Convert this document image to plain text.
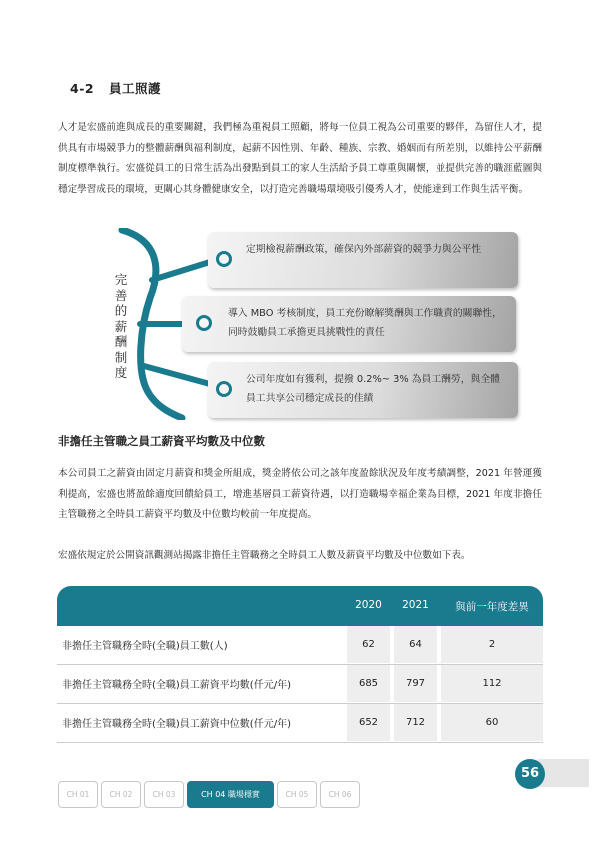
4-2 員工照護

人才是宏盛前進與成長的重要關鍵，我們極為重視員工照顧，將每一位員工視為公司重要的夥伴，為留住人才，提供具有市場競爭力的整體薪酬與福利制度，起薪不因性別、年齡、種族、宗教、婚姻而有所差別，以維持公平薪酬制度標準執行。宏盛從員工的日常生活為出發點到員工的家人生活給予員工尊重與關懷，並提供完善的職涯藍圖與穩定學習成長的環境，更關心其身體健康安全，以打造完善職場環境吸引優秀人才，使能達到工作與生活平衡。

完
善
的
薪
酬
制
度
定期檢視薪酬政策，確保內外部薪資的競爭力與公平性
導入 MBO 考核制度，員工充份瞭解獎酬與工作職責的關聯性，同時鼓勵員工承擔更具挑戰性的責任
公司年度如有獲利，提撥 0.2%~ 3% 為員工酬勞，與全體員工共享公司穩定成長的佳績
非擔任主管職之員工薪資平均數及中位數

本公司員工之薪資由固定月薪資和獎金所組成，獎金將依公司之該年度盈餘狀況及年度考績調整，2021 年營運獲利提高，宏盛也將盈餘適度回饋給員工，增進基層員工薪資待遇，以打造職場幸福企業為目標，2021 年度非擔任主管職務之全時員工薪資平均數及中位數均較前一年度提高。

宏盛依規定於公開資訊觀測站揭露非擔任主管職務之全時員工人數及薪資平均數及中位數如下表。

2020	2021	與前一年度差異
非擔任主管職務全時(全職)員工數(人)	62	64	2
非擔任主管職務全時(全職)員工薪資平均數(仟元/年)	685	797	112
非擔任主管職務全時(全職)員工薪資中位數(仟元/年)	652	712	60
56
CH 01	CH 02	CH 03	CH 04 職場穩實	CH 05	CH 06
